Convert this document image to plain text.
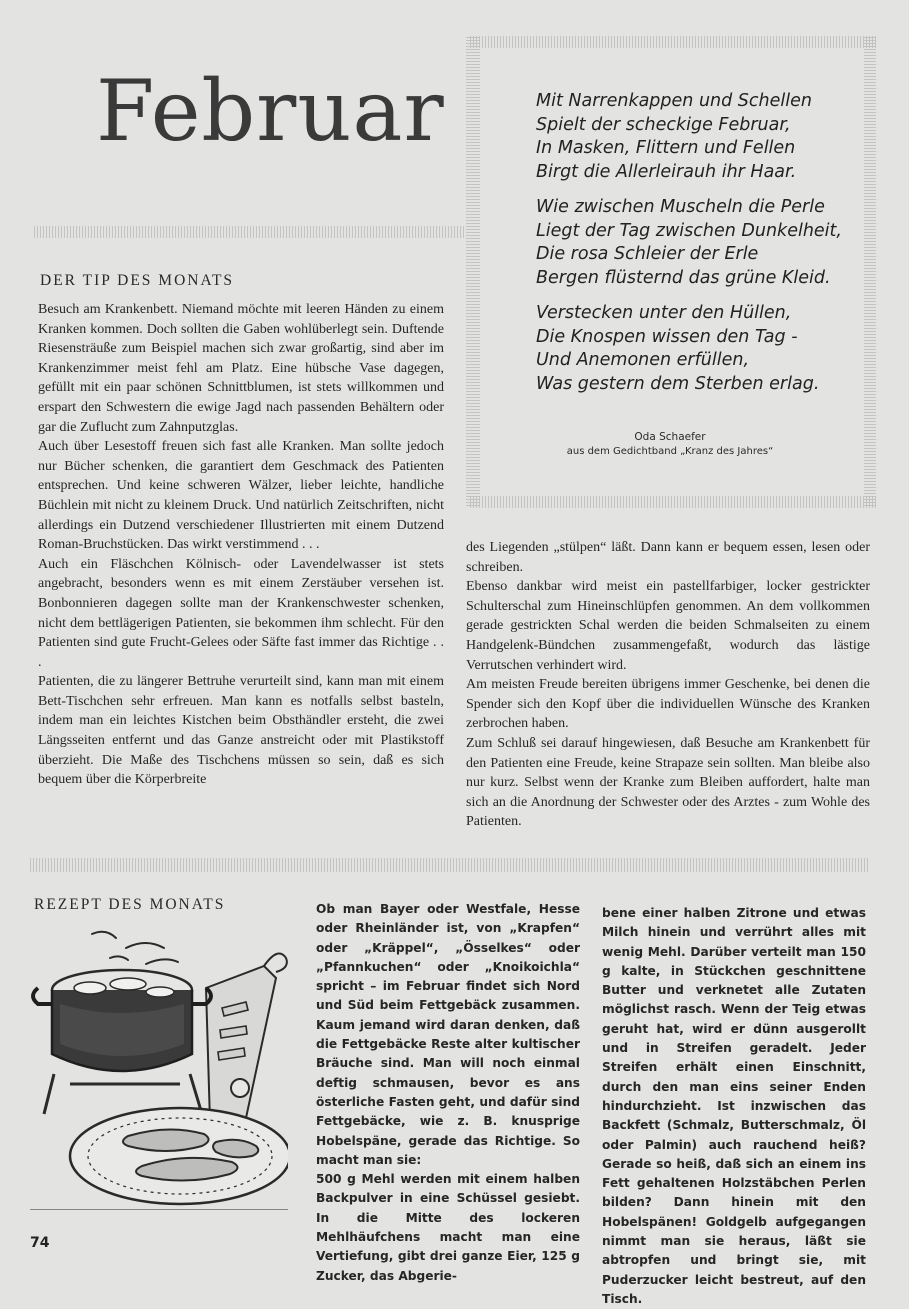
Februar	Mit Narrenkappen und Schellen
Spielt der scheckige Februar,
In Masken, Flittern und Fellen
Birgt die Allerleirauh ihr Haar.
Wie zwischen Muscheln die Perle
Liegt der Tag zwischen Dunkelheit,
Die rosa Schleier der Erle
Bergen flüsternd das grüne Kleid.
Verstecken unter den Hüllen,
Die Knospen wissen den Tag -
Und Anemonen erfüllen,
Was gestern dem Sterben erlag.
Oda Schaefer
aus dem Gedichtband „Kranz des Jahres“
DER TIP DES MONATS

Besuch am Krankenbett. Niemand möchte mit leeren Händen zu einem Kranken kommen. Doch sollten die Gaben wohlüberlegt sein. Duftende Riesensträuße zum Beispiel machen sich zwar großartig, sind aber im Krankenzimmer meist fehl am Platz. Eine hübsche Vase dagegen, gefüllt mit ein paar schönen Schnittblumen, ist stets willkommen und erspart den Schwestern die ewige Jagd nach passenden Behältern oder gar die Zuflucht zum Zahnputzglas.

Auch über Lesestoff freuen sich fast alle Kranken. Man sollte jedoch nur Bücher schenken, die garantiert dem Geschmack des Patienten entsprechen. Und keine schweren Wälzer, lieber leichte, handliche Büchlein mit nicht zu kleinem Druck. Und natürlich Zeitschriften, nicht allerdings ein Dutzend verschiedener Illustrierten mit einem Dutzend Roman-Bruchstücken. Das wirkt verstimmend . . .

Auch ein Fläschchen Kölnisch- oder Lavendelwasser ist stets angebracht, besonders wenn es mit einem Zerstäuber versehen ist. Bonbonnieren dagegen sollte man der Krankenschwester schenken, nicht dem bettlägerigen Patienten, sie bekommen ihm schlecht. Für den Patienten sind gute Frucht-Gelees oder Säfte fast immer das Richtige . . .

Patienten, die zu längerer Bettruhe verurteilt sind, kann man mit einem Bett-Tischchen sehr erfreuen. Man kann es notfalls selbst basteln, indem man ein leichtes Kistchen beim Obsthändler ersteht, die zwei Längsseiten entfernt und das Ganze anstreicht oder mit Plastikstoff überzieht. Die Maße des Tischchens müssen so sein, daß es sich bequem über die Körperbreite

des Liegenden „stülpen“ läßt. Dann kann er bequem essen, lesen oder schreiben.

Ebenso dankbar wird meist ein pastellfarbiger, locker gestrickter Schulterschal zum Hineinschlüpfen genommen. An dem vollkommen gerade gestrickten Schal werden die beiden Schmalseiten zu einem Handgelenk-Bündchen zusammengefaßt, wodurch das lästige Verrutschen verhindert wird.

Am meisten Freude bereiten übrigens immer Geschenke, bei denen die Spender sich den Kopf über die individuellen Wünsche des Kranken zerbrochen haben.

Zum Schluß sei darauf hingewiesen, daß Besuche am Krankenbett für den Patienten eine Freude, keine Strapaze sein sollten. Man bleibe also nur kurz. Selbst wenn der Kranke zum Bleiben auffordert, halte man sich an die Anordnung der Schwester oder des Arztes - zum Wohle des Patienten.

REZEPT DES MONATS	Ob man Bayer oder Westfale, Hesse oder Rheinländer ist, von „Krapfen“ oder „Kräppel“, „Össelkes“ oder „Pfannkuchen“ oder „Knoikoichla“ spricht – im Februar findet sich Nord und Süd beim Fettgebäck zusammen. Kaum jemand wird daran denken, daß die Fettgebäcke Reste alter kultischer Bräuche sind. Man will noch einmal deftig schmausen, bevor es ans österliche Fasten geht, und dafür sind Fettgebäcke, wie z. B. knusprige Hobelspäne, gerade das Richtige. So macht man sie:

500 g Mehl werden mit einem halben Backpulver in eine Schüssel gesiebt. In die Mitte des lockeren Mehlhäufchens macht man eine Vertiefung, gibt drei ganze Eier, 125 g Zucker, das Abgerie-

bene einer halben Zitrone und etwas Milch hinein und verrührt alles mit wenig Mehl. Darüber verteilt man 150 g kalte, in Stückchen geschnittene Butter und verknetet alle Zutaten möglichst rasch. Wenn der Teig etwas geruht hat, wird er dünn ausgerollt und in Streifen geradelt. Jeder Streifen erhält einen Einschnitt, durch den man eins seiner Enden hindurchzieht. Ist inzwischen das Backfett (Schmalz, Butterschmalz, Öl oder Palmin) auch rauchend heiß? Gerade so heiß, daß sich an einem ins Fett gehaltenen Holzstäbchen Perlen bilden? Dann hinein mit den Hobelspänen! Goldgelb aufgegangen nimmt man sie heraus, läßt sie abtropfen und bringt sie, mit Puderzucker leicht bestreut, auf den Tisch.

74
